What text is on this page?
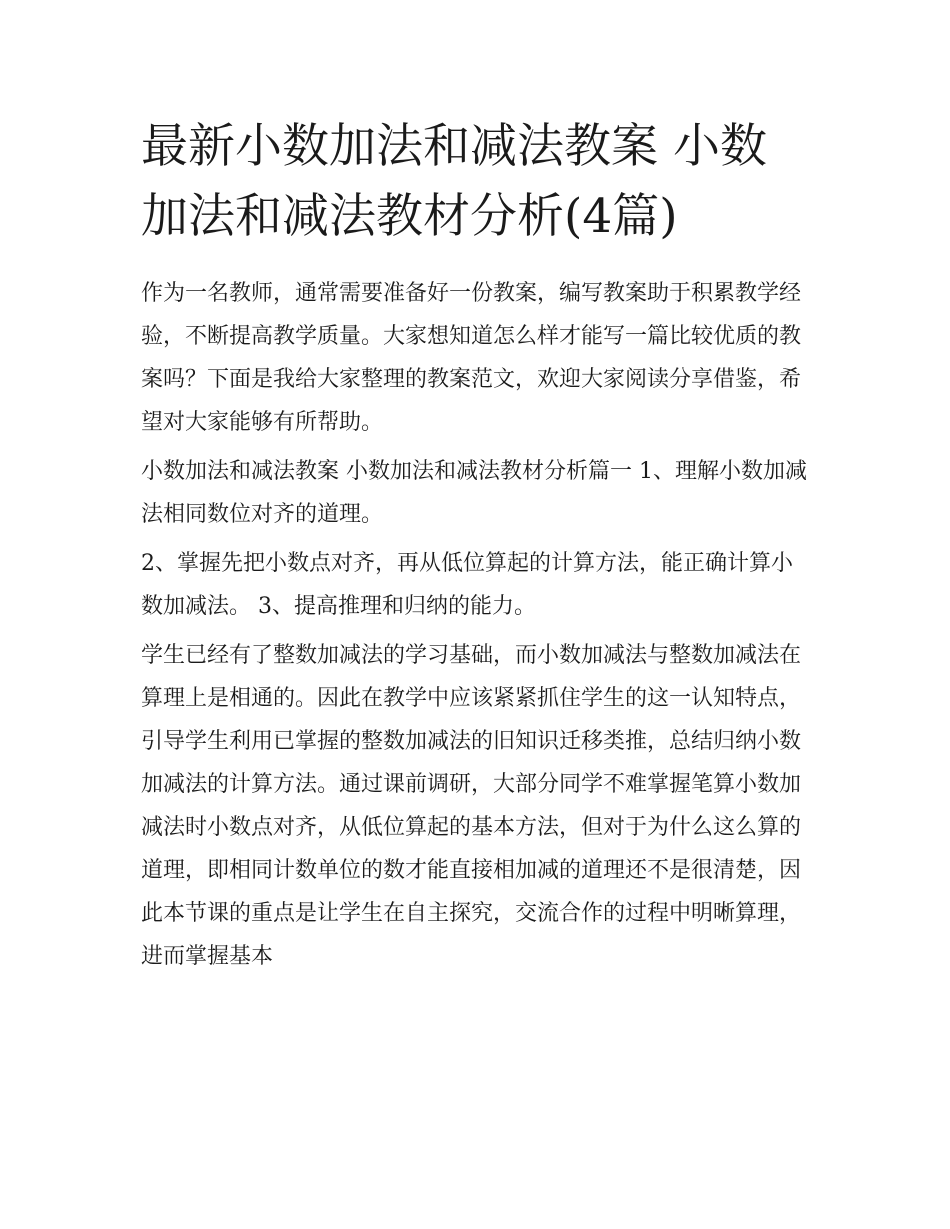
最新小数加法和减法教案 小数加法和减法教材分析(4篇)

作为一名教师，通常需要准备好一份教案，编写教案助于积累教学经验，不断提高教学质量。大家想知道怎么样才能写一篇比较优质的教案吗？下面是我给大家整理的教案范文，欢迎大家阅读分享借鉴，希望对大家能够有所帮助。

小数加法和减法教案 小数加法和减法教材分析篇一 1、理解小数加减法相同数位对齐的道理。

2、掌握先把小数点对齐，再从低位算起的计算方法，能正确计算小数加减法。 3、提高推理和归纳的能力。

学生已经有了整数加减法的学习基础，而小数加减法与整数加减法在算理上是相通的。因此在教学中应该紧紧抓住学生的这一认知特点，引导学生利用已掌握的整数加减法的旧知识迁移类推，总结归纳小数加减法的计算方法。通过课前调研，大部分同学不难掌握笔算小数加减法时小数点对齐，从低位算起的基本方法，但对于为什么这么算的道理，即相同计数单位的数才能直接相加减的道理还不是很清楚，因此本节课的重点是让学生在自主探究，交流合作的过程中明晰算理，进而掌握基本
